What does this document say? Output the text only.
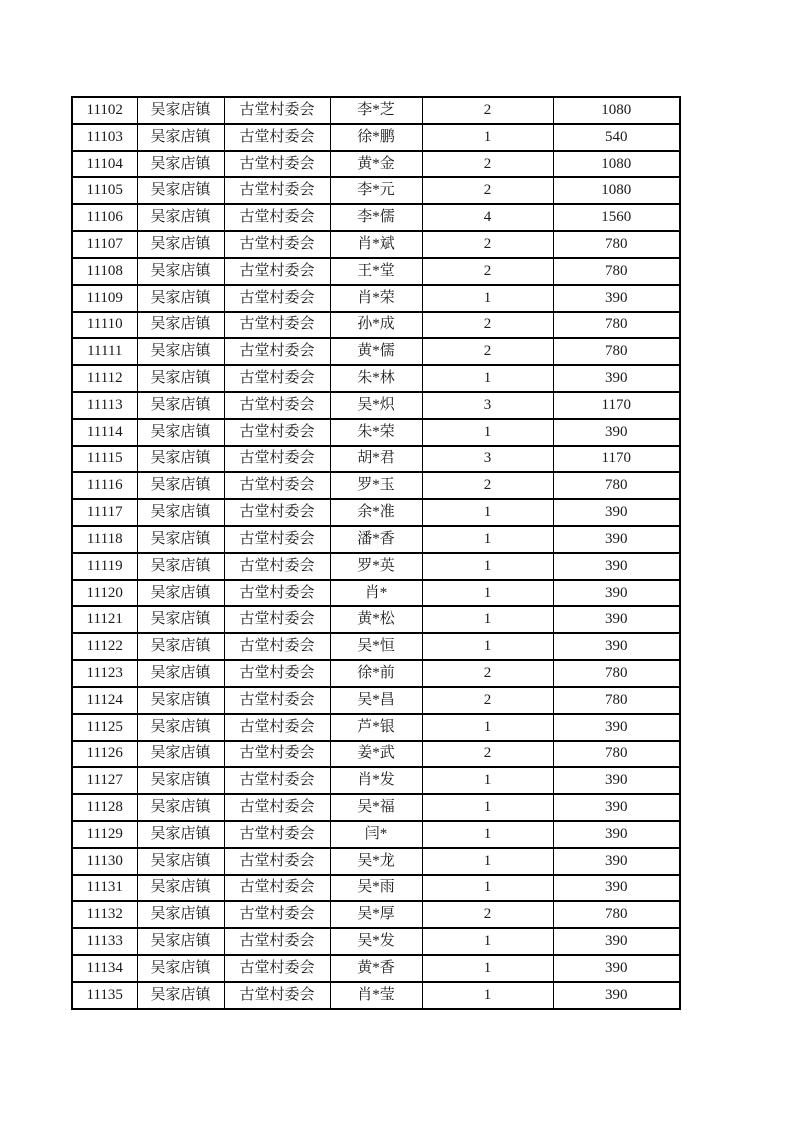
11102	吴家店镇	古堂村委会	李*芝	2	1080
11103	吴家店镇	古堂村委会	徐*鹏	1	540
11104	吴家店镇	古堂村委会	黄*金	2	1080
11105	吴家店镇	古堂村委会	李*元	2	1080
11106	吴家店镇	古堂村委会	李*儒	4	1560
11107	吴家店镇	古堂村委会	肖*斌	2	780
11108	吴家店镇	古堂村委会	王*堂	2	780
11109	吴家店镇	古堂村委会	肖*荣	1	390
11110	吴家店镇	古堂村委会	孙*成	2	780
11111	吴家店镇	古堂村委会	黄*儒	2	780
11112	吴家店镇	古堂村委会	朱*林	1	390
11113	吴家店镇	古堂村委会	吴*炽	3	1170
11114	吴家店镇	古堂村委会	朱*荣	1	390
11115	吴家店镇	古堂村委会	胡*君	3	1170
11116	吴家店镇	古堂村委会	罗*玉	2	780
11117	吴家店镇	古堂村委会	余*准	1	390
11118	吴家店镇	古堂村委会	潘*香	1	390
11119	吴家店镇	古堂村委会	罗*英	1	390
11120	吴家店镇	古堂村委会	肖*	1	390
11121	吴家店镇	古堂村委会	黄*松	1	390
11122	吴家店镇	古堂村委会	吴*恒	1	390
11123	吴家店镇	古堂村委会	徐*前	2	780
11124	吴家店镇	古堂村委会	吴*昌	2	780
11125	吴家店镇	古堂村委会	芦*银	1	390
11126	吴家店镇	古堂村委会	姜*武	2	780
11127	吴家店镇	古堂村委会	肖*发	1	390
11128	吴家店镇	古堂村委会	吴*福	1	390
11129	吴家店镇	古堂村委会	闫*	1	390
11130	吴家店镇	古堂村委会	吴*龙	1	390
11131	吴家店镇	古堂村委会	吴*雨	1	390
11132	吴家店镇	古堂村委会	吴*厚	2	780
11133	吴家店镇	古堂村委会	吴*发	1	390
11134	吴家店镇	古堂村委会	黄*香	1	390
11135	吴家店镇	古堂村委会	肖*莹	1	390
